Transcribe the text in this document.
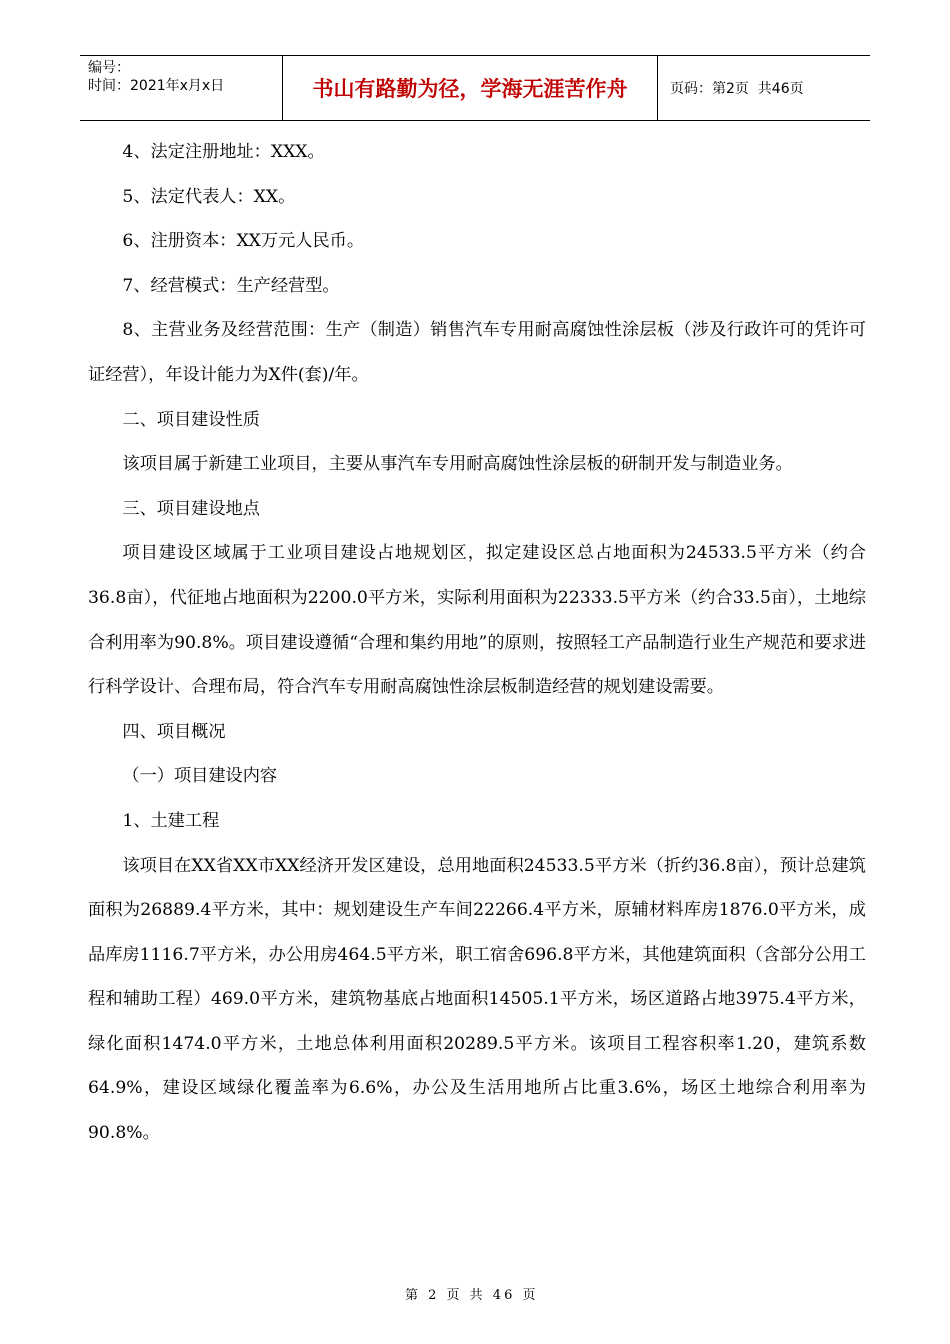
编号：
时间：2021年x月x日	书山有路勤为径，学海无涯苦作舟	页码：第2页  共46页

4、法定注册地址：XXX。

5、法定代表人：XX。

6、注册资本：XX万元人民币。

7、经营模式：生产经营型。

8、主营业务及经营范围：生产（制造）销售汽车专用耐高腐蚀性涂层板（涉及行政许可的凭许可证经营），年设计能力为X件(套)/年。

二、项目建设性质

该项目属于新建工业项目，主要从事汽车专用耐高腐蚀性涂层板的研制开发与制造业务。

三、项目建设地点

项目建设区域属于工业项目建设占地规划区，拟定建设区总占地面积为24533.5平方米（约合36.8亩），代征地占地面积为2200.0平方米，实际利用面积为22333.5平方米（约合33.5亩），土地综合利用率为90.8%。项目建设遵循“合理和集约用地”的原则，按照轻工产品制造行业生产规范和要求进行科学设计、合理布局，符合汽车专用耐高腐蚀性涂层板制造经营的规划建设需要。

四、项目概况

（一）项目建设内容

1、土建工程

该项目在XX省XX市XX经济开发区建设，总用地面积24533.5平方米（折约36.8亩），预计总建筑面积为26889.4平方米，其中：规划建设生产车间22266.4平方米，原辅材料库房1876.0平方米，成品库房1116.7平方米，办公用房464.5平方米，职工宿舍696.8平方米，其他建筑面积（含部分公用工程和辅助工程）469.0平方米，建筑物基底占地面积14505.1平方米，场区道路占地3975.4平方米，绿化面积1474.0平方米，土地总体利用面积20289.5平方米。该项目工程容积率1.20，建筑系数64.9%，建设区域绿化覆盖率为6.6%，办公及生活用地所占比重3.6%，场区土地综合利用率为90.8%。

第 2 页 共 46 页
